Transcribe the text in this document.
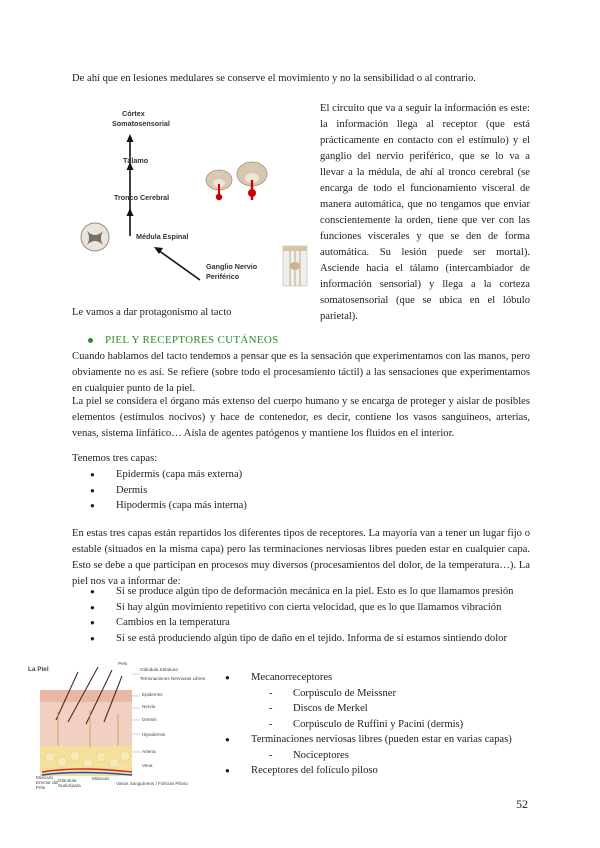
De ahí que en lesiones medulares se conserve el movimiento y no la sensibilidad o al contrario.

Córtex
Somatosensorial
Tálamo
Tronco Cerebral
Médula Espinal
Ganglio Nervio
Periférico

El circuito que va a seguir la información es este: la información llega al receptor (que está prácticamente en contacto con el estímulo) y el ganglio del nervio periférico, que se lo va a llevar a la médula, de ahí al tronco cerebral (se encarga de todo el funcionamiento visceral de manera automática, que no tengamos que enviar conscientemente la orden, tiene que ver con las funciones viscerales y que se den de forma automática. Su lesión puede ser mortal). Asciende hacia el tálamo (intercambiador de información sensorial) y llega a la corteza somatosensorial (que se ubica en el lóbulo parietal).

Le vamos a dar protagonismo al tacto

PIEL Y RECEPTORES CUTÁNEOS

Cuando hablamos del tacto tendemos a pensar que es la sensación que experimentamos con las manos, pero obviamente no es así. Se refiere (sobre todo el procesamiento táctil) a las sensaciones que experimentamos en cualquier punto de la piel.

La piel se considera el órgano más extenso del cuerpo humano y se encarga de proteger y aislar de posibles elementos (estímulos nocivos) y hace de contenedor, es decir, contiene los vasos sanguíneos, arterias, venas, sistema linfático… Aísla de agentes patógenos y mantiene los fluidos en el interior.

Tenemos tres capas:

● Epidermis (capa más externa)
● Dermis
● Hipodermis (capa más interna)

En estas tres capas están repartidos los diferentes tipos de receptores. La mayoría van a tener un lugar fijo o estable (situados en la misma capa) pero las terminaciones nerviosas libres pueden estar en cualquier capa. Esto se debe a que participan en procesos muy diversos (procesamientos del dolor, de la temperatura…). La piel nos va a informar de:

● Si se produce algún tipo de deformación mecánica en la piel. Esto es lo que llamamos presión
● Si hay algún movimiento repetitivo con cierta velocidad, que es lo que llamamos vibración
● Cambios en la temperatura
● Si se está produciendo algún tipo de daño en el tejido. Informa de si estamos sintiendo dolor
La Piel
Pelo
Glándula Sebácea
Terminaciones Nerviosas Libres
Epidermis
Nervio
Dermis
Hipodermis
Arteria
Vena
Músculo Erector del Pelo
Glándula Sudorípara
Músculo
Vasos Sanguíneos / Folículo Piloso
● Mecanorreceptores
- Corpúsculo de Meissner
- Discos de Merkel
- Corpúsculo de Ruffini y Pacini (dermis)
● Terminaciones nerviosas libres (pueden estar en varias capas)
- Nociceptores
● Receptores del folículo piloso
52
